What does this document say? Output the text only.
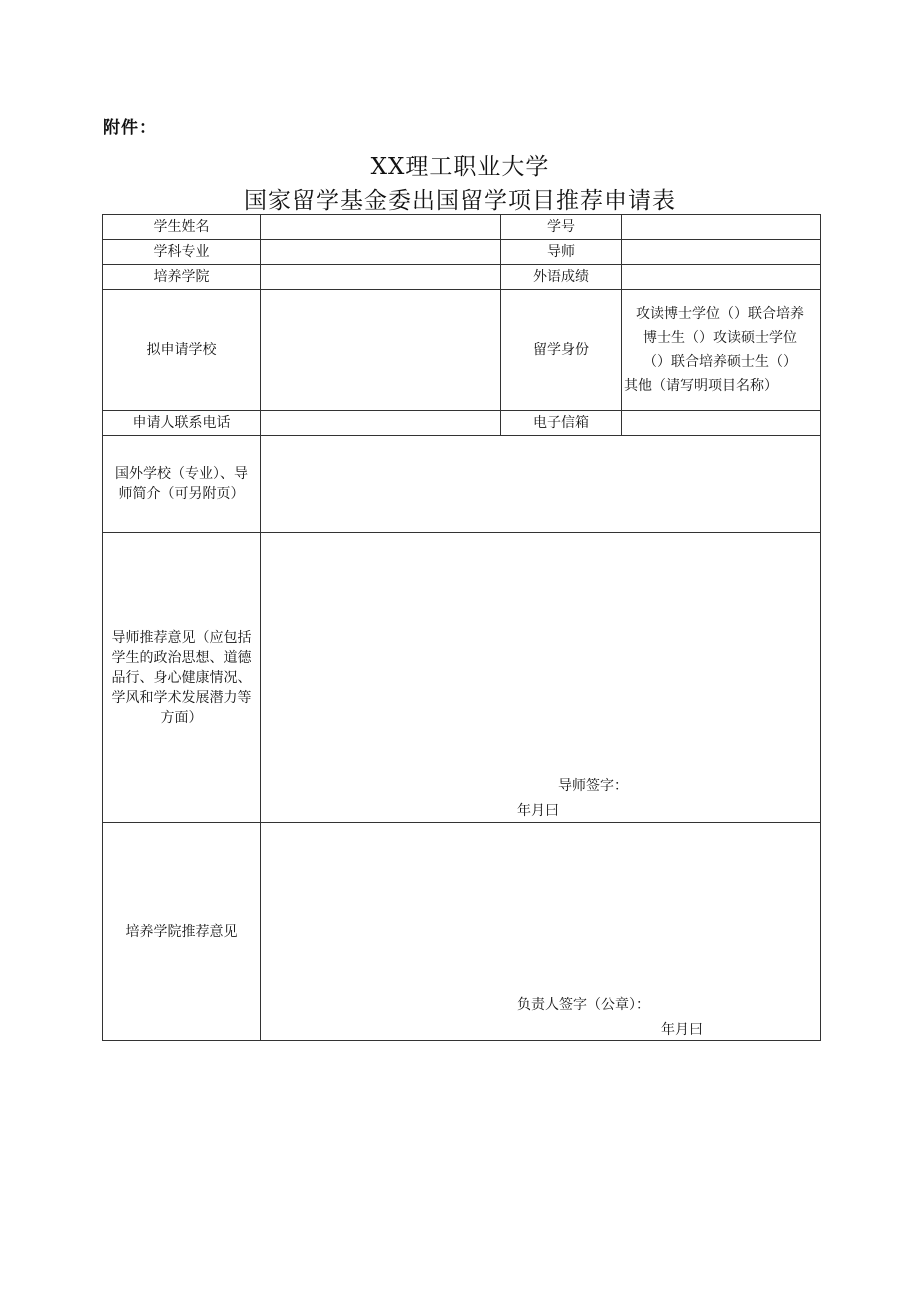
附件：
XX理工职业大学
国家留学基金委出国留学项目推荐申请表
学生姓名		学号	
学科专业		导师	
培养学院		外语成绩	
拟申请学校		留学身份	攻读博士学位（）联合培养
博士生（）攻读硕士学位
（）联合培养硕士生（）
其他（请写明项目名称）

申请人联系电话		电子信箱	

国外学校（专业）、导
师简介（可另附页）			

导师推荐意见（应包括
学生的政治思想、道德
品行、身心健康情况、
学风和学术发展潜力等
方面）	导师签字：
年月曰		

培养学院推荐意见	负责人签字（公章）：
年月曰		
